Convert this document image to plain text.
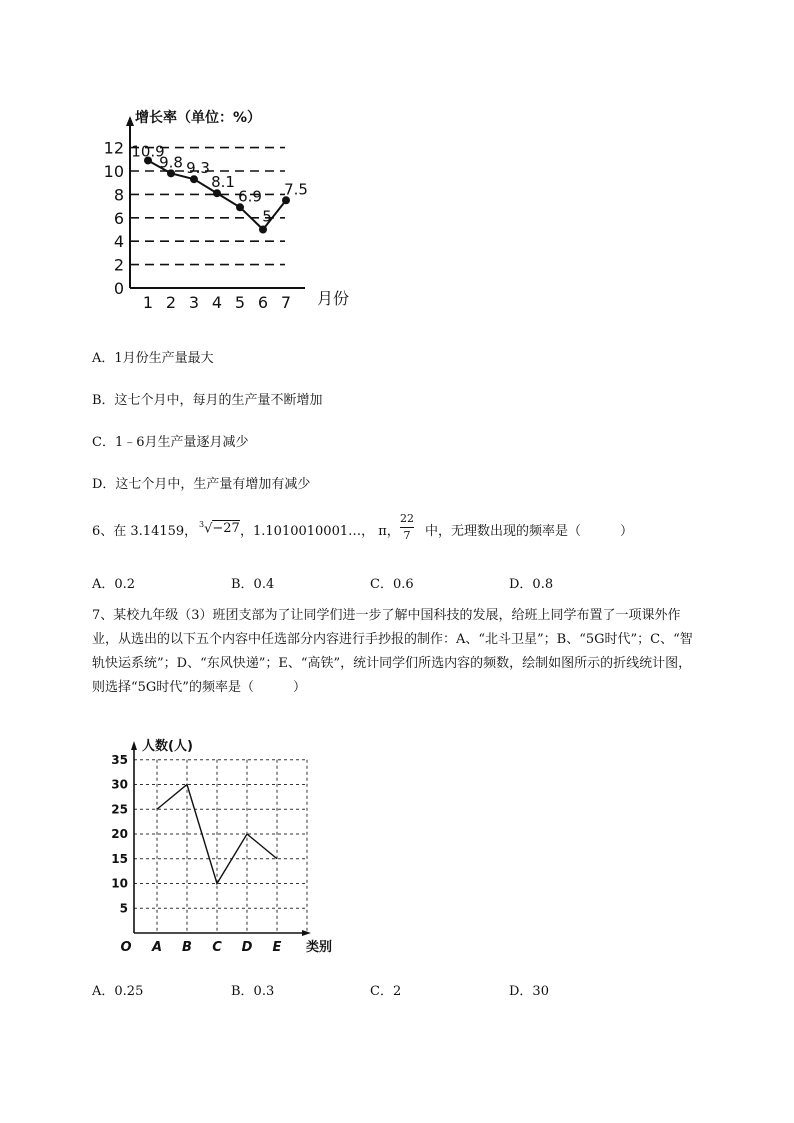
0
2
4
6
8
10
12
增长率（单位：%）
1 2 3 4 5 6 7 月份
10.9
9.8 9.3
8.1
6.9
5
7.5
A．1月份生产量最大
B．这七个月中，每月的生产量不断增加
C．1﹣6月生产量逐月减少
D．这七个月中，生产量有增加有减少
6、在 3.14159， $^3$√−27 ，1.1010010001…， π，
22
7	中，无理数出现的频率是（　　　）
A．0.2	B．0.4	C．0.6	D．0.8
7、某校九年级（3）班团支部为了让同学们进一步了解中国科技的发展，给班上同学布置了一项课外作业，从选出的以下五个内容中任选部分内容进行手抄报的制作：A、“北斗卫星”；B、“5G时代”；C、“智轨快运系统”；D、“东风快递”；E、“高铁”，统计同学们所选内容的频数，绘制如图所示的折线统计图，则选择“5G时代”的频率是（　　　）
人数(人)
5
10
15
20
25
30
35
O A B C D E 类别
A．0.25	B．0.3	C．2	D．30
